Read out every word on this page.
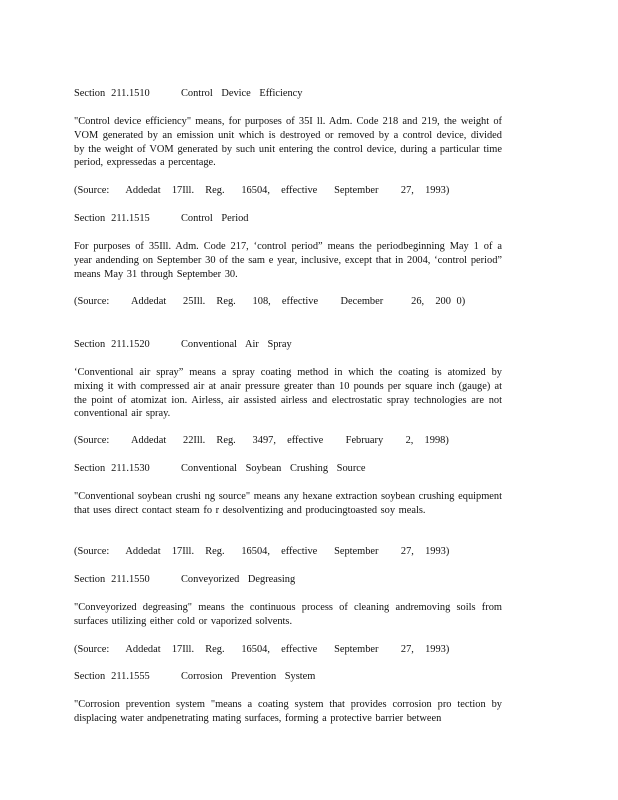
Section 211.1510	Control Device Efficiency
"Control device efficiency" means, for purposes of 35I ll. Adm. Code 218 and 219, the weight of VOM generated by an emission unit which is destroyed or removed by a control device, divided by the weight of VOM generated by such unit entering the control device, during a particular time period, expressedas a percentage.
(Source:   Addedat  17Ill.  Reg.   16504,  effective   September    27,  1993)
Section 211.1515	Control Period
For purposes of 35Ill. Adm. Code 217, ‘control period” means the periodbeginning May 1 of a year andending on September 30 of the sam e year, inclusive, except that in 2004, ‘control period” means May 31 through September 30.
(Source:    Addedat   25Ill.  Reg.   108,  effective    December     26,  200 0)
Section 211.1520	Conventional Air Spray
‘Conventional air spray” means a spray coating method in which the coating is atomized by mixing it with compressed air at anair pressure greater than 10 pounds per square inch (gauge) at the point of atomizat ion. Airless, air assisted airless and electrostatic spray technologies are not conventional air spray.
(Source:    Addedat   22Ill.  Reg.   3497,  effective    February    2,  1998)
Section 211.1530	Conventional Soybean Crushing Source
"Conventional soybean crushi ng source" means any hexane extraction soybean crushing equipment that uses direct contact steam fo r desolventizing and producingtoasted soy meals.
(Source:   Addedat  17Ill.  Reg.   16504,  effective   September    27,  1993)
Section 211.1550	Conveyorized Degreasing
"Conveyorized degreasing" means the continuous process of cleaning andremoving soils from surfaces utilizing either cold or vaporized solvents.
(Source:   Addedat  17Ill.  Reg.   16504,  effective   September    27,  1993)
Section 211.1555	Corrosion Prevention System
"Corrosion prevention system "means a coating system that provides corrosion pro tection by displacing water andpenetrating mating surfaces, forming a protective barrier between
